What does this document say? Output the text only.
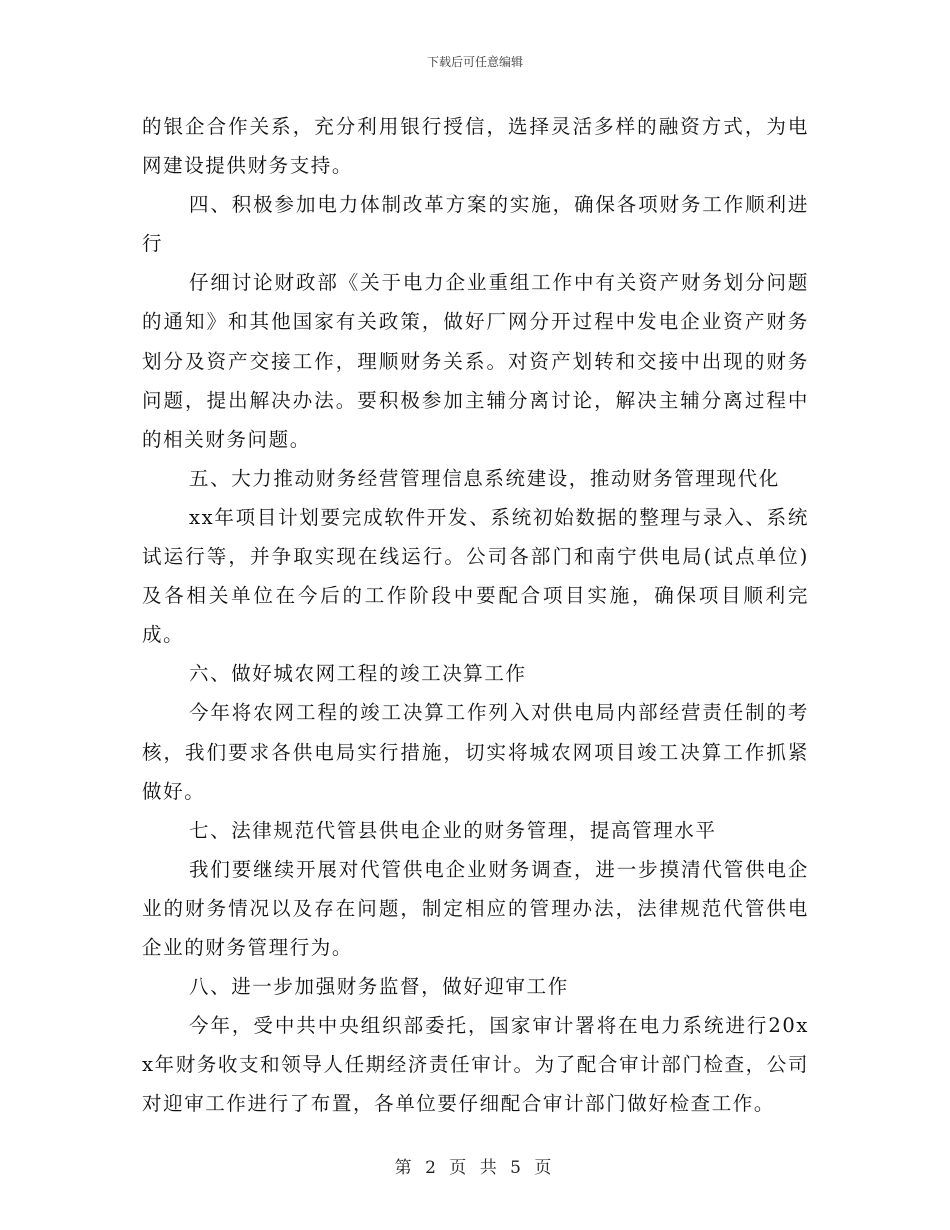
下载后可任意编辑

的银企合作关系，充分利用银行授信，选择灵活多样的融资方式，为电网建设提供财务支持。

四、积极参加电力体制改革方案的实施，确保各项财务工作顺利进行

仔细讨论财政部《关于电力企业重组工作中有关资产财务划分问题的通知》和其他国家有关政策，做好厂网分开过程中发电企业资产财务划分及资产交接工作，理顺财务关系。对资产划转和交接中出现的财务问题，提出解决办法。要积极参加主辅分离讨论，解决主辅分离过程中的相关财务问题。

五、大力推动财务经营管理信息系统建设，推动财务管理现代化

xx年项目计划要完成软件开发、系统初始数据的整理与录入、系统试运行等，并争取实现在线运行。公司各部门和南宁供电局(试点单位)及各相关单位在今后的工作阶段中要配合项目实施，确保项目顺利完成。

六、做好城农网工程的竣工决算工作

今年将农网工程的竣工决算工作列入对供电局内部经营责任制的考核，我们要求各供电局实行措施，切实将城农网项目竣工决算工作抓紧做好。

七、法律规范代管县供电企业的财务管理，提高管理水平

我们要继续开展对代管供电企业财务调查，进一步摸清代管供电企业的财务情况以及存在问题，制定相应的管理办法，法律规范代管供电企业的财务管理行为。

八、进一步加强财务监督，做好迎审工作

今年，受中共中央组织部委托，国家审计署将在电力系统进行20xx年财务收支和领导人任期经济责任审计。为了配合审计部门检查，公司对迎审工作进行了布置，各单位要仔细配合审计部门做好检查工作。

第 2 页 共 5 页
